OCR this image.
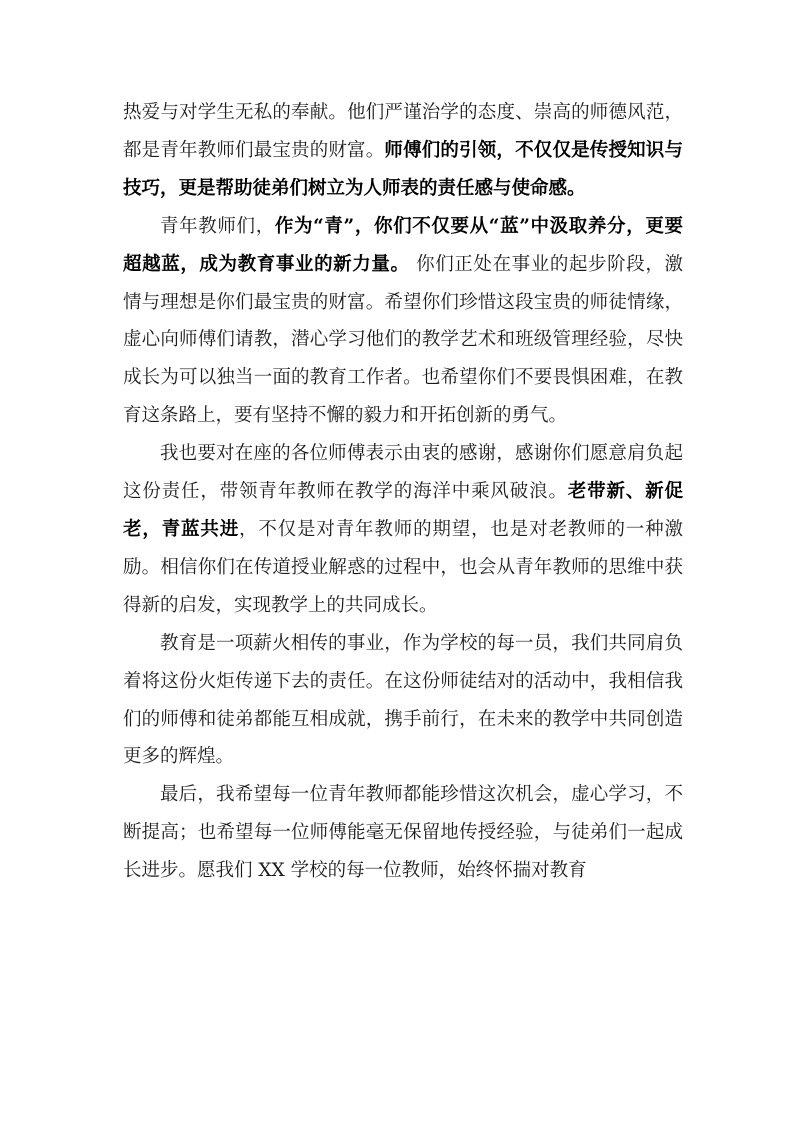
热爱与对学生无私的奉献。他们严谨治学的态度、崇高的师德风范，都是青年教师们最宝贵的财富。师傅们的引领，不仅仅是传授知识与技巧，更是帮助徒弟们树立为人师表的责任感与使命感。

青年教师们，作为“青”，你们不仅要从“蓝”中汲取养分，更要超越蓝，成为教育事业的新力量。 你们正处在事业的起步阶段，激情与理想是你们最宝贵的财富。希望你们珍惜这段宝贵的师徒情缘，虚心向师傅们请教，潜心学习他们的教学艺术和班级管理经验，尽快成长为可以独当一面的教育工作者。也希望你们不要畏惧困难，在教育这条路上，要有坚持不懈的毅力和开拓创新的勇气。

我也要对在座的各位师傅表示由衷的感谢，感谢你们愿意肩负起这份责任，带领青年教师在教学的海洋中乘风破浪。老带新、新促老，青蓝共进，不仅是对青年教师的期望，也是对老教师的一种激励。相信你们在传道授业解惑的过程中，也会从青年教师的思维中获得新的启发，实现教学上的共同成长。

教育是一项薪火相传的事业，作为学校的每一员，我们共同肩负着将这份火炬传递下去的责任。在这份师徒结对的活动中，我相信我们的师傅和徒弟都能互相成就，携手前行，在未来的教学中共同创造更多的辉煌。

最后，我希望每一位青年教师都能珍惜这次机会，虚心学习，不断提高；也希望每一位师傅能毫无保留地传授经验，与徒弟们一起成长进步。愿我们 XX 学校的每一位教师，始终怀揣对教育
